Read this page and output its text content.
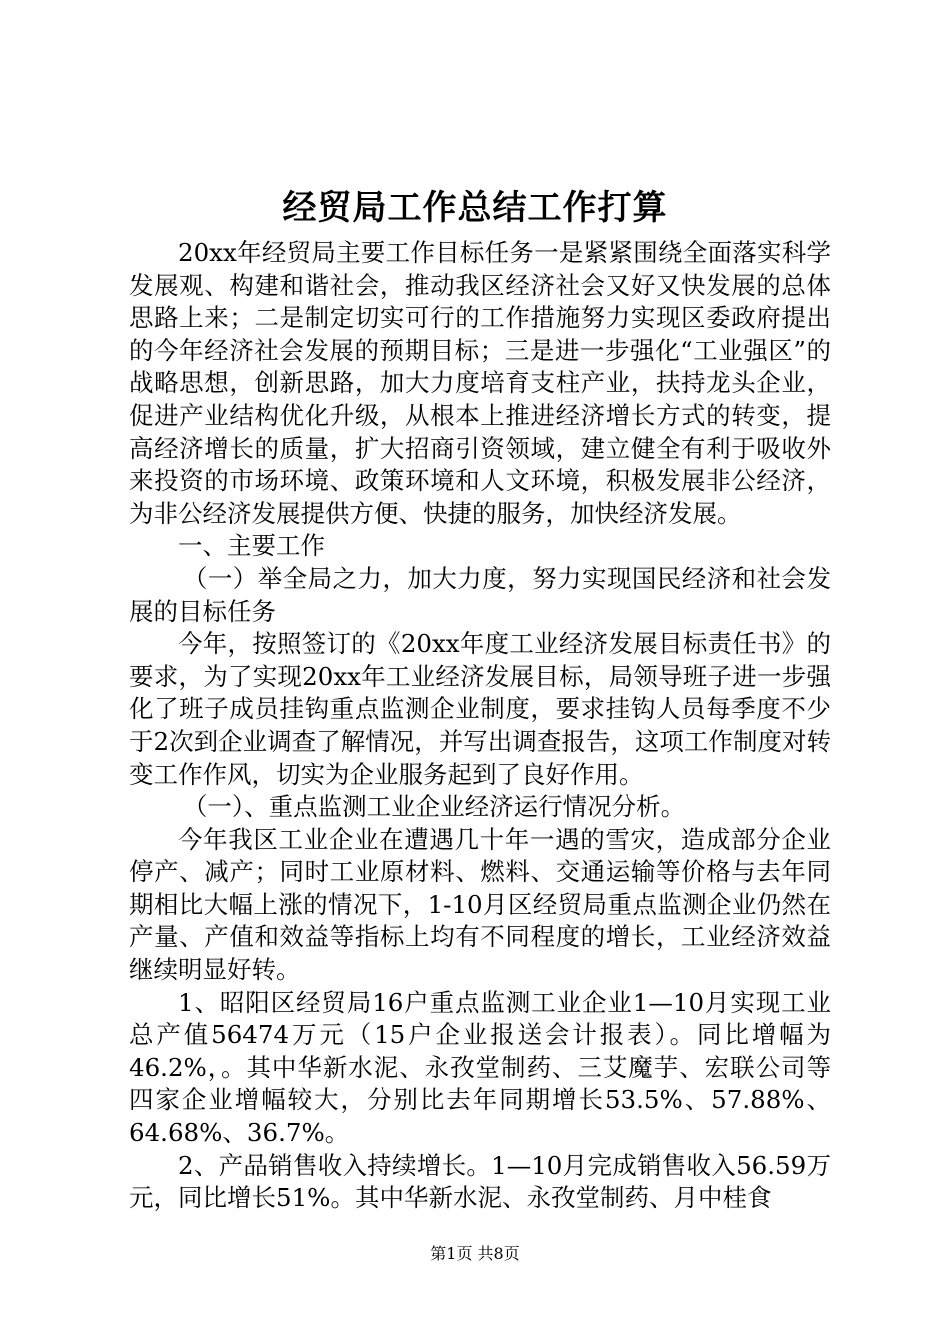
经贸局工作总结工作打算

20xx年经贸局主要工作目标任务一是紧紧围绕全面落实科学发展观、构建和谐社会，推动我区经济社会又好又快发展的总体思路上来；二是制定切实可行的工作措施努力实现区委政府提出的今年经济社会发展的预期目标；三是进一步强化“工业强区”的战略思想，创新思路，加大力度培育支柱产业，扶持龙头企业，促进产业结构优化升级，从根本上推进经济增长方式的转变，提高经济增长的质量，扩大招商引资领域，建立健全有利于吸收外来投资的市场环境、政策环境和人文环境，积极发展非公经济，为非公经济发展提供方便、快捷的服务，加快经济发展。

一、主要工作

（一）举全局之力，加大力度，努力实现国民经济和社会发展的目标任务

今年，按照签订的《20xx年度工业经济发展目标责任书》的要求，为了实现20xx年工业经济发展目标，局领导班子进一步强化了班子成员挂钩重点监测企业制度，要求挂钩人员每季度不少于2次到企业调查了解情况，并写出调查报告，这项工作制度对转变工作作风，切实为企业服务起到了良好作用。

（一）、重点监测工业企业经济运行情况分析。

今年我区工业企业在遭遇几十年一遇的雪灾，造成部分企业停产、减产；同时工业原材料、燃料、交通运输等价格与去年同期相比大幅上涨的情况下，1-10月区经贸局重点监测企业仍然在产量、产值和效益等指标上均有不同程度的增长，工业经济效益继续明显好转。

1、昭阳区经贸局16户重点监测工业企业1—10月实现工业总产值56474万元（15户企业报送会计报表）。同比增幅为46.2%，。其中华新水泥、永孜堂制药、三艾魔芋、宏联公司等四家企业增幅较大，分别比去年同期增长53.5%、57.88%、64.68%、36.7%。

2、产品销售收入持续增长。1—10月完成销售收入56.59万元，同比增长51%。其中华新水泥、永孜堂制药、月中桂食

第1页 共8页
